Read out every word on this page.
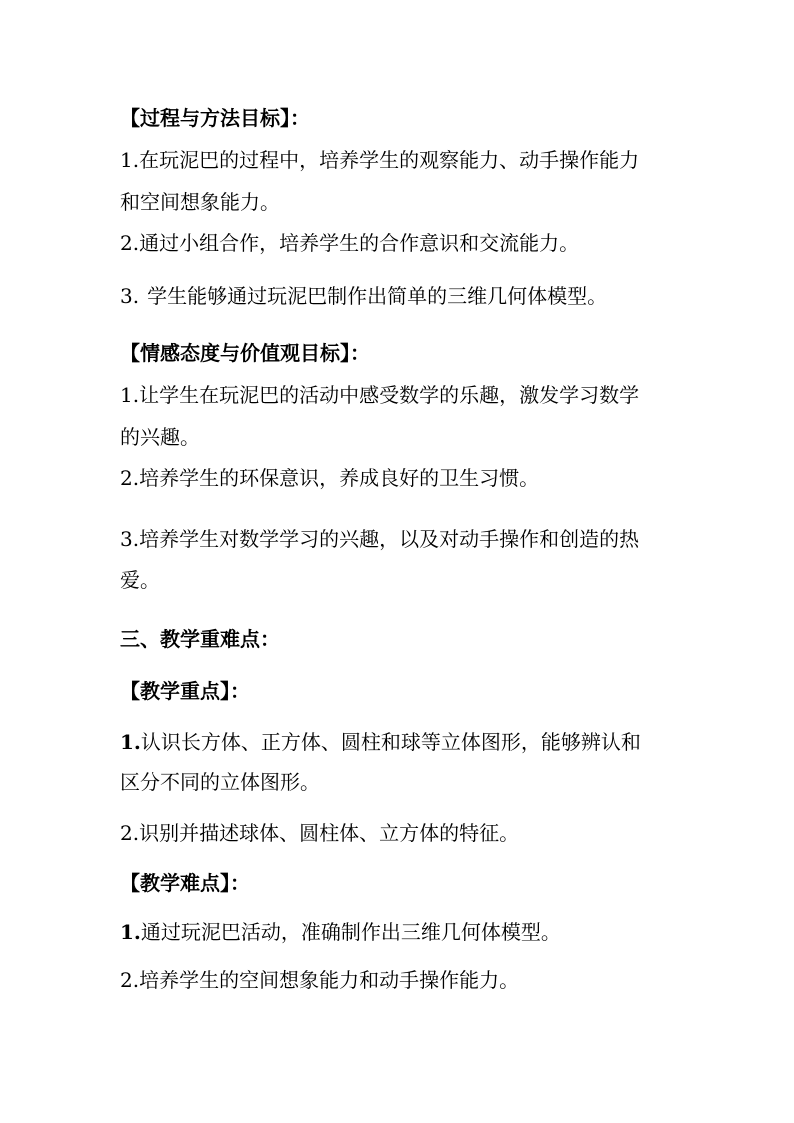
【过程与方法目标】：
1.在玩泥巴的过程中，培养学生的观察能力、动手操作能力
和空间想象能力。
2.通过小组合作，培养学生的合作意识和交流能力。
3. 学生能够通过玩泥巴制作出简单的三维几何体模型。
【情感态度与价值观目标】：
1.让学生在玩泥巴的活动中感受数学的乐趣，激发学习数学
的兴趣。
2.培养学生的环保意识，养成良好的卫生习惯。
3.培养学生对数学学习的兴趣，以及对动手操作和创造的热
爱。
三、教学重难点：
【教学重点】：
1.认识长方体、正方体、圆柱和球等立体图形，能够辨认和
区分不同的立体图形。
2.识别并描述球体、圆柱体、立方体的特征。
【教学难点】：
1.通过玩泥巴活动，准确制作出三维几何体模型。
2.培养学生的空间想象能力和动手操作能力。
